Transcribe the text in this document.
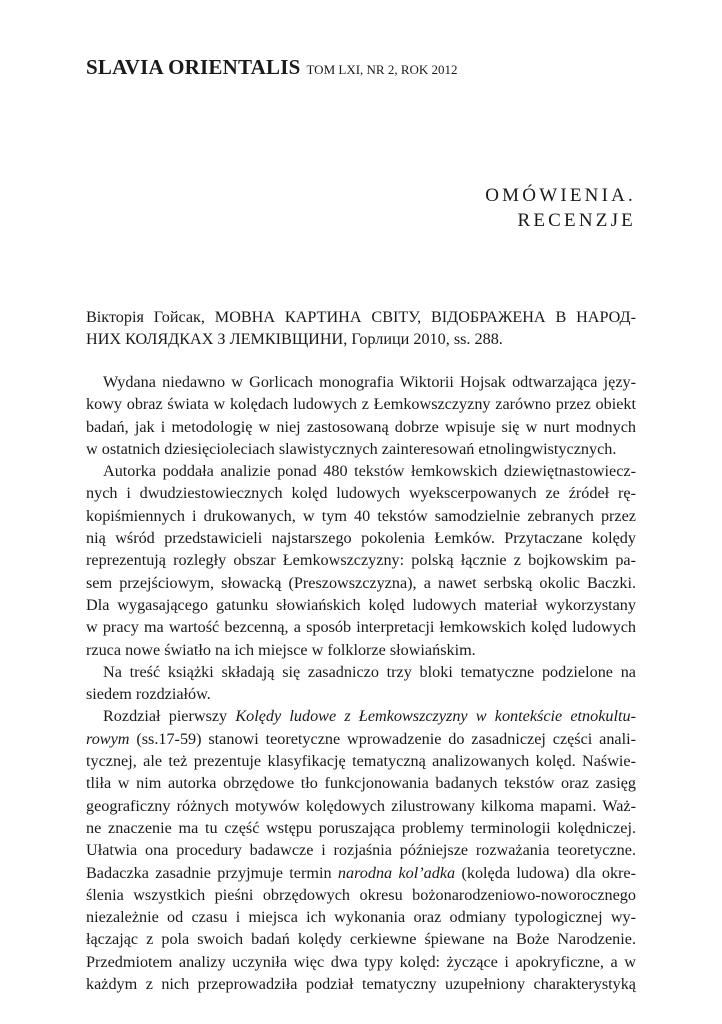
SLAVIA ORIENTALIS TOM LXI, NR 2, ROK 2012
OMÓWIENIA.
RECENZJE
Вікторія Гойсак, МОВНА КАРТИНА СВІТУ, ВІДОБРАЖЕНА В НАРОД-
НИХ КОЛЯДКАХ З ЛЕМКІВЩИНИ, Горлици 2010, ss. 288.
Wydana niedawno w Gorlicach monografia Wiktorii Hojsak odtwarzająca języ-
kowy obraz świata w kolędach ludowych z Łemkowszczyzny zarówno przez obiekt
badań, jak i metodologię w niej zastosowaną dobrze wpisuje się w nurt modnych
w ostatnich dziesięcioleciach slawistycznych zainteresowań etnolingwistycznych.
Autorka poddała analizie ponad 480 tekstów łemkowskich dziewiętnastowiecz-
nych i dwudziestowiecznych kolęd ludowych wyekscerpowanych ze źródeł rę-
kopiśmiennych i drukowanych, w tym 40 tekstów samodzielnie zebranych przez
nią wśród przedstawicieli najstarszego pokolenia Łemków. Przytaczane kolędy
reprezentują rozległy obszar Łemkowszczyzny: polską łącznie z bojkowskim pa-
sem przejściowym, słowacką (Preszowszczyzna), a nawet serbską okolic Baczki.
Dla wygasającego gatunku słowiańskich kolęd ludowych materiał wykorzystany
w pracy ma wartość bezcenną, a sposób interpretacji łemkowskich kolęd ludowych
rzuca nowe światło na ich miejsce w folklorze słowiańskim.
Na treść książki składają się zasadniczo trzy bloki tematyczne podzielone na
siedem rozdziałów.
Rozdział pierwszy Kolędy ludowe z Łemkowszczyzny w kontekście etnokultu-
rowym (ss.17-59) stanowi teoretyczne wprowadzenie do zasadniczej części anali-
tycznej, ale też prezentuje klasyfikację tematyczną analizowanych kolęd. Naświe-
tliła w nim autorka obrzędowe tło funkcjonowania badanych tekstów oraz zasięg
geograficzny różnych motywów kolędowych zilustrowany kilkoma mapami. Waż-
ne znaczenie ma tu część wstępu poruszająca problemy terminologii kolędniczej.
Ułatwia ona procedury badawcze i rozjaśnia późniejsze rozważania teoretyczne.
Badaczka zasadnie przyjmuje termin narodna kol’adka (kolęda ludowa) dla okre-
ślenia wszystkich pieśni obrzędowych okresu bożonarodzeniowo-noworocznego
niezależnie od czasu i miejsca ich wykonania oraz odmiany typologicznej wy-
łączając z pola swoich badań kolędy cerkiewne śpiewane na Boże Narodzenie.
Przedmiotem analizy uczyniła więc dwa typy kolęd: życzące i apokryficzne, a w
każdym z nich przeprowadziła podział tematyczny uzupełniony charakterystyką
